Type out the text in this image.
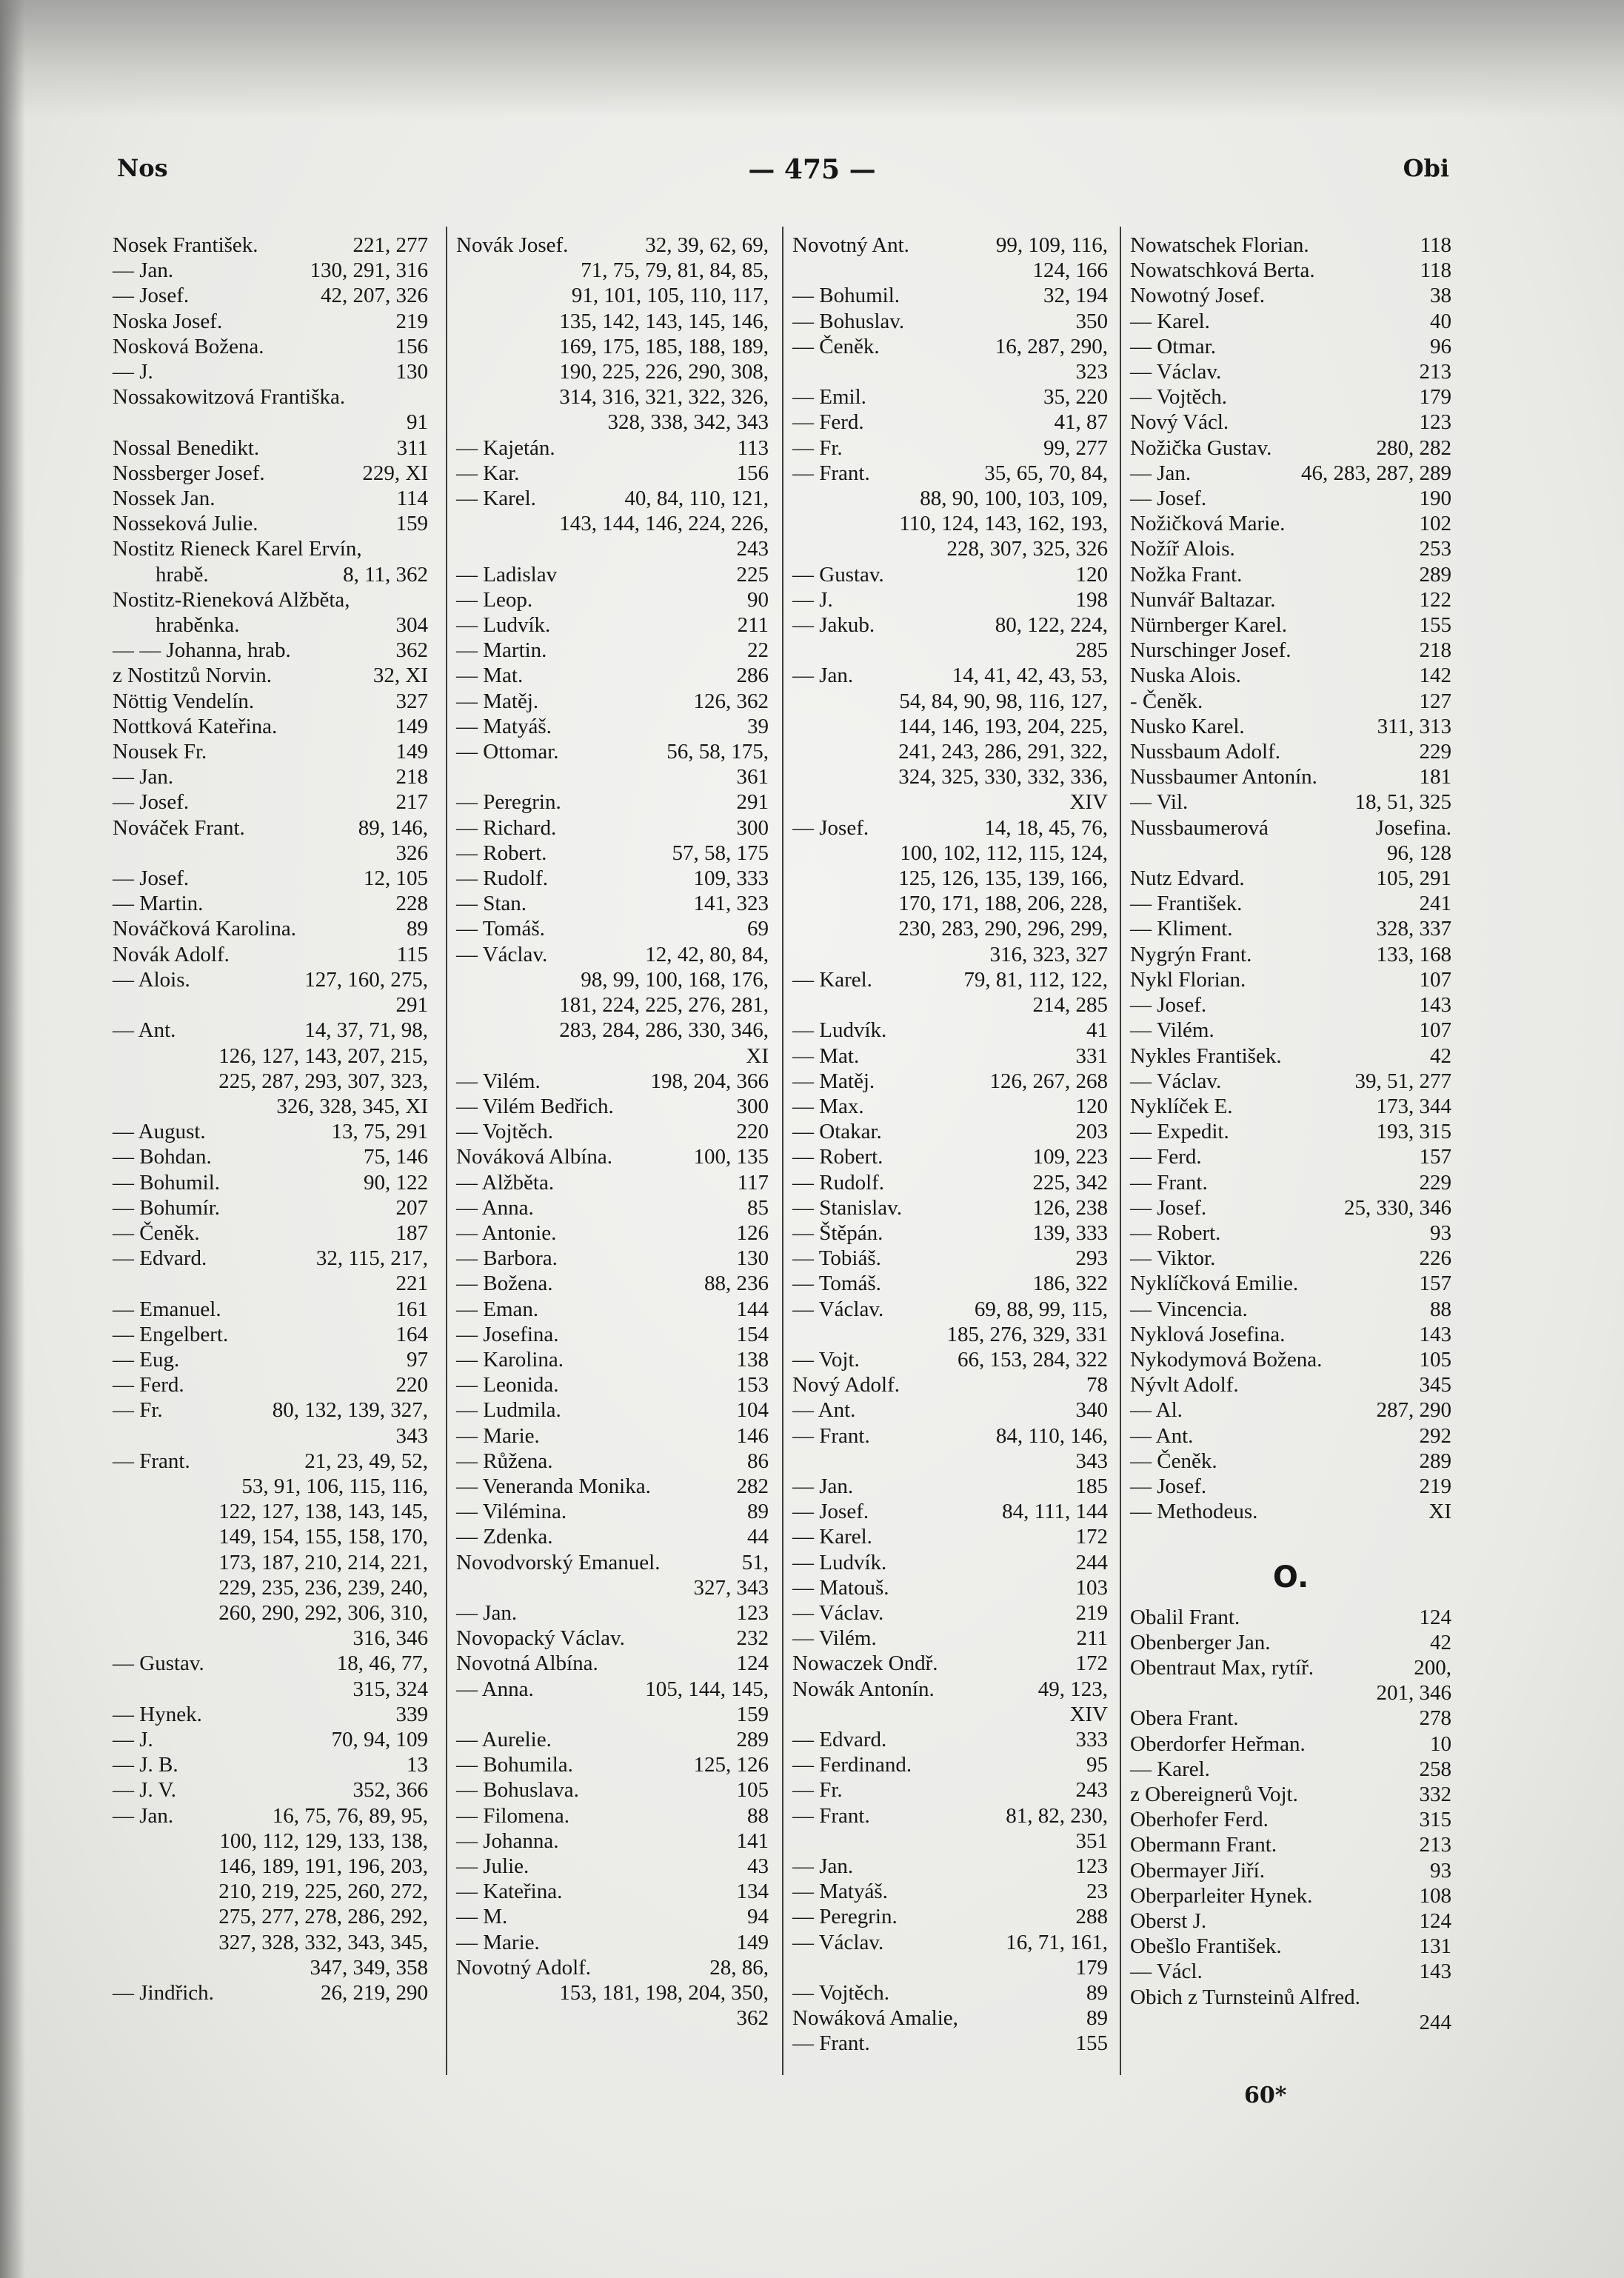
Nos	— 475 —	Obi
Nosek František.	221, 277
— Jan.	130, 291, 316
— Josef.	42, 207, 326
Noska Josef.	219
Nosková Božena.	156
— J.	130
Nossakowitzová Františka.
91
Nossal Benedikt.	311
Nossberger Josef.	229, XI
Nossek Jan.	114
Nosseková Julie.	159
Nostitz Rieneck Karel Ervín,
hrabě.	8, 11, 362
Nostitz-Rieneková Alžběta,
hraběnka.	304
— — Johanna, hrab.	362
z Nostitzů Norvin.	32, XI
Nöttig Vendelín.	327
Nottková Kateřina.	149
Nousek Fr.	149
— Jan.	218
— Josef.	217
Nováček Frant.	89, 146,
326
— Josef.	12, 105
— Martin.	228
Nováčková Karolina.	89
Novák Adolf.	115
— Alois.	127, 160, 275,
291
— Ant.	14, 37, 71, 98,
126, 127, 143, 207, 215,
225, 287, 293, 307, 323,
326, 328, 345, XI
— August.	13, 75, 291
— Bohdan.	75, 146
— Bohumil.	90, 122
— Bohumír.	207
— Čeněk.	187
— Edvard.	32, 115, 217,
221
— Emanuel.	161
— Engelbert.	164
— Eug.	97
— Ferd.	220
— Fr.	80, 132, 139, 327,
343
— Frant.	21, 23, 49, 52,
53, 91, 106, 115, 116,
122, 127, 138, 143, 145,
149, 154, 155, 158, 170,
173, 187, 210, 214, 221,
229, 235, 236, 239, 240,
260, 290, 292, 306, 310,
316, 346
— Gustav.	18, 46, 77,
315, 324
— Hynek.	339
— J.	70, 94, 109
— J. B.	13
— J. V.	352, 366
— Jan.	16, 75, 76, 89, 95,
100, 112, 129, 133, 138,
146, 189, 191, 196, 203,
210, 219, 225, 260, 272,
275, 277, 278, 286, 292,
327, 328, 332, 343, 345,
347, 349, 358
— Jindřich.	26, 219, 290
Novák Josef.	32, 39, 62, 69,
71, 75, 79, 81, 84, 85,
91, 101, 105, 110, 117,
135, 142, 143, 145, 146,
169, 175, 185, 188, 189,
190, 225, 226, 290, 308,
314, 316, 321, 322, 326,
328, 338, 342, 343
— Kajetán.	113
— Kar.	156
— Karel.	40, 84, 110, 121,
143, 144, 146, 224, 226,
243
— Ladislav	225
— Leop.	90
— Ludvík.	211
— Martin.	22
— Mat.	286
— Matěj.	126, 362
— Matyáš.	39
— Ottomar.	56, 58, 175,
361
— Peregrin.	291
— Richard.	300
— Robert.	57, 58, 175
— Rudolf.	109, 333
— Stan.	141, 323
— Tomáš.	69
— Václav.	12, 42, 80, 84,
98, 99, 100, 168, 176,
181, 224, 225, 276, 281,
283, 284, 286, 330, 346,
XI
— Vilém.	198, 204, 366
— Vilém Bedřich.	300
— Vojtěch.	220
Nováková Albína.	100, 135
— Alžběta.	117
— Anna.	85
— Antonie.	126
— Barbora.	130
— Božena.	88, 236
— Eman.	144
— Josefina.	154
— Karolina.	138
— Leonida.	153
— Ludmila.	104
— Marie.	146
— Růžena.	86
— Veneranda Monika.	282
— Vilémina.	89
— Zdenka.	44
Novodvorský Emanuel.	51,
327, 343
— Jan.	123
Novopacký Václav.	232
Novotná Albína.	124
— Anna.	105, 144, 145,
159
— Aurelie.	289
— Bohumila.	125, 126
— Bohuslava.	105
— Filomena.	88
— Johanna.	141
— Julie.	43
— Kateřina.	134
— M.	94
— Marie.	149
Novotný Adolf.	28, 86,
153, 181, 198, 204, 350,
362
Novotný Ant.	99, 109, 116,
124, 166
— Bohumil.	32, 194
— Bohuslav.	350
— Čeněk.	16, 287, 290,
323
— Emil.	35, 220
— Ferd.	41, 87
— Fr.	99, 277
— Frant.	35, 65, 70, 84,
88, 90, 100, 103, 109,
110, 124, 143, 162, 193,
228, 307, 325, 326
— Gustav.	120
— J.	198
— Jakub.	80, 122, 224,
285
— Jan.	14, 41, 42, 43, 53,
54, 84, 90, 98, 116, 127,
144, 146, 193, 204, 225,
241, 243, 286, 291, 322,
324, 325, 330, 332, 336,
XIV
— Josef.	14, 18, 45, 76,
100, 102, 112, 115, 124,
125, 126, 135, 139, 166,
170, 171, 188, 206, 228,
230, 283, 290, 296, 299,
316, 323, 327
— Karel.	79, 81, 112, 122,
214, 285
— Ludvík.	41
— Mat.	331
— Matěj.	126, 267, 268
— Max.	120
— Otakar.	203
— Robert.	109, 223
— Rudolf.	225, 342
— Stanislav.	126, 238
— Štěpán.	139, 333
— Tobiáš.	293
— Tomáš.	186, 322
— Václav.	69, 88, 99, 115,
185, 276, 329, 331
— Vojt.	66, 153, 284, 322
Nový Adolf.	78
— Ant.	340
— Frant.	84, 110, 146,
343
— Jan.	185
— Josef.	84, 111, 144
— Karel.	172
— Ludvík.	244
— Matouš.	103
— Václav.	219
— Vilém.	211
Nowaczek Ondř.	172
Nowák Antonín.	49, 123,
XIV
— Edvard.	333
— Ferdinand.	95
— Fr.	243
— Frant.	81, 82, 230,
351
— Jan.	123
— Matyáš.	23
— Peregrin.	288
— Václav.	16, 71, 161,
179
— Vojtěch.	89
Nowáková Amalie,	89
— Frant.	155
Nowatschek Florian.	118
Nowatschková Berta.	118
Nowotný Josef.	38
— Karel.	40
— Otmar.	96
— Václav.	213
— Vojtěch.	179
Nový Václ.	123
Nožička Gustav.	280, 282
— Jan.	46, 283, 287, 289
— Josef.	190
Nožičková Marie.	102
Nožíř Alois.	253
Nožka Frant.	289
Nunvář Baltazar.	122
Nürnberger Karel.	155
Nurschinger Josef.	218
Nuska Alois.	142
- Čeněk.	127
Nusko Karel.	311, 313
Nussbaum Adolf.	229
Nussbaumer Antonín.	181
— Vil.	18, 51, 325
Nussbaumerová	Josefina.
96, 128
Nutz Edvard.	105, 291
— František.	241
— Kliment.	328, 337
Nygrýn Frant.	133, 168
Nykl Florian.	107
— Josef.	143
— Vilém.	107
Nykles František.	42
— Václav.	39, 51, 277
Nyklíček E.	173, 344
— Expedit.	193, 315
— Ferd.	157
— Frant.	229
— Josef.	25, 330, 346
— Robert.	93
— Viktor.	226
Nyklíčková Emilie.	157
— Vincencia.	88
Nyklová Josefina.	143
Nykodymová Božena.	105
Nývlt Adolf.	345
— Al.	287, 290
— Ant.	292
— Čeněk.	289
— Josef.	219
— Methodeus.	XI
O.
Obalil Frant.	124
Obenberger Jan.	42
Obentraut Max, rytíř.	200,
201, 346
Obera Frant.	278
Oberdorfer Heřman.	10
— Karel.	258
z Obereignerů Vojt.	332
Oberhofer Ferd.	315
Obermann Frant.	213
Obermayer Jiří.	93
Oberparleiter Hynek.	108
Oberst J.	124
Obešlo František.	131
— Václ.	143
Obich z Turnsteinů Alfred.
244
60*
